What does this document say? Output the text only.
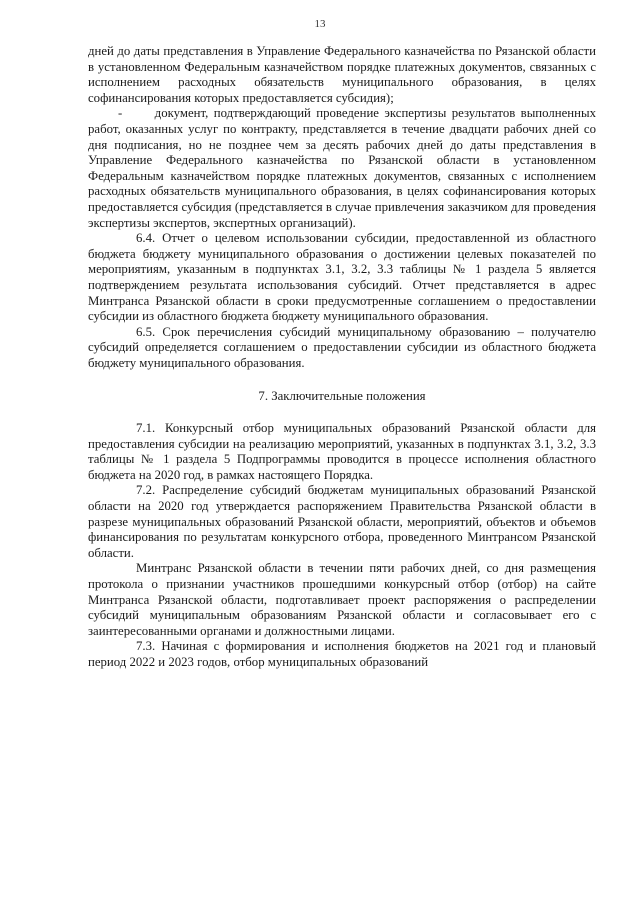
13

дней до даты представления в Управление Федерального казначейства по Рязанской области в установленном Федеральным казначейством порядке платежных документов, связанных с исполнением расходных обязательств муниципального образования, в целях софинансирования которых предоставляется субсидия);

-      документ, подтверждающий проведение экспертизы результатов выполненных работ, оказанных услуг по контракту, представляется в течение двадцати рабочих дней со дня подписания, но не позднее чем за десять рабочих дней до даты представления в Управление Федерального казначейства по Рязанской области в установленном Федеральным казначейством порядке платежных документов, связанных с исполнением расходных обязательств муниципального образования, в целях софинансирования которых предоставляется субсидия (представляется в случае привлечения заказчиком для проведения экспертизы экспертов, экспертных организаций).

6.4. Отчет о целевом использовании субсидии, предоставленной из областного бюджета бюджету муниципального образования о достижении целевых показателей по мероприятиям, указанным в подпунктах 3.1, 3.2, 3.3 таблицы № 1 раздела 5 является подтверждением результата использования субсидий. Отчет представляется в адрес Минтранса Рязанской области в сроки предусмотренные соглашением о предоставлении субсидии из областного бюджета бюджету муниципального образования.

6.5. Срок перечисления субсидий муниципальному образованию – получателю субсидий определяется соглашением о предоставлении субсидии из областного бюджета бюджету муниципального образования.

7. Заключительные положения

7.1. Конкурсный отбор муниципальных образований Рязанской области для предоставления субсидии на реализацию мероприятий, указанных в подпунктах 3.1, 3.2, 3.3 таблицы № 1 раздела 5 Подпрограммы проводится в процессе исполнения областного бюджета на 2020 год, в рамках настоящего Порядка.

7.2. Распределение субсидий бюджетам муниципальных образований Рязанской области на 2020 год утверждается распоряжением Правительства Рязанской области в разрезе муниципальных образований Рязанской области, мероприятий, объектов и объемов финансирования по результатам конкурсного отбора, проведенного Минтрансом Рязанской области.

Минтранс Рязанской области в течении пяти рабочих дней, со дня размещения протокола о признании участников прошедшими конкурсный отбор (отбор) на сайте Минтранса Рязанской области, подготавливает проект распоряжения о распределении субсидий муниципальным образованиям Рязанской области и согласовывает его с заинтересованными органами и должностными лицами.

7.3. Начиная с формирования и исполнения бюджетов на 2021 год и плановый период 2022 и 2023 годов, отбор муниципальных образований
